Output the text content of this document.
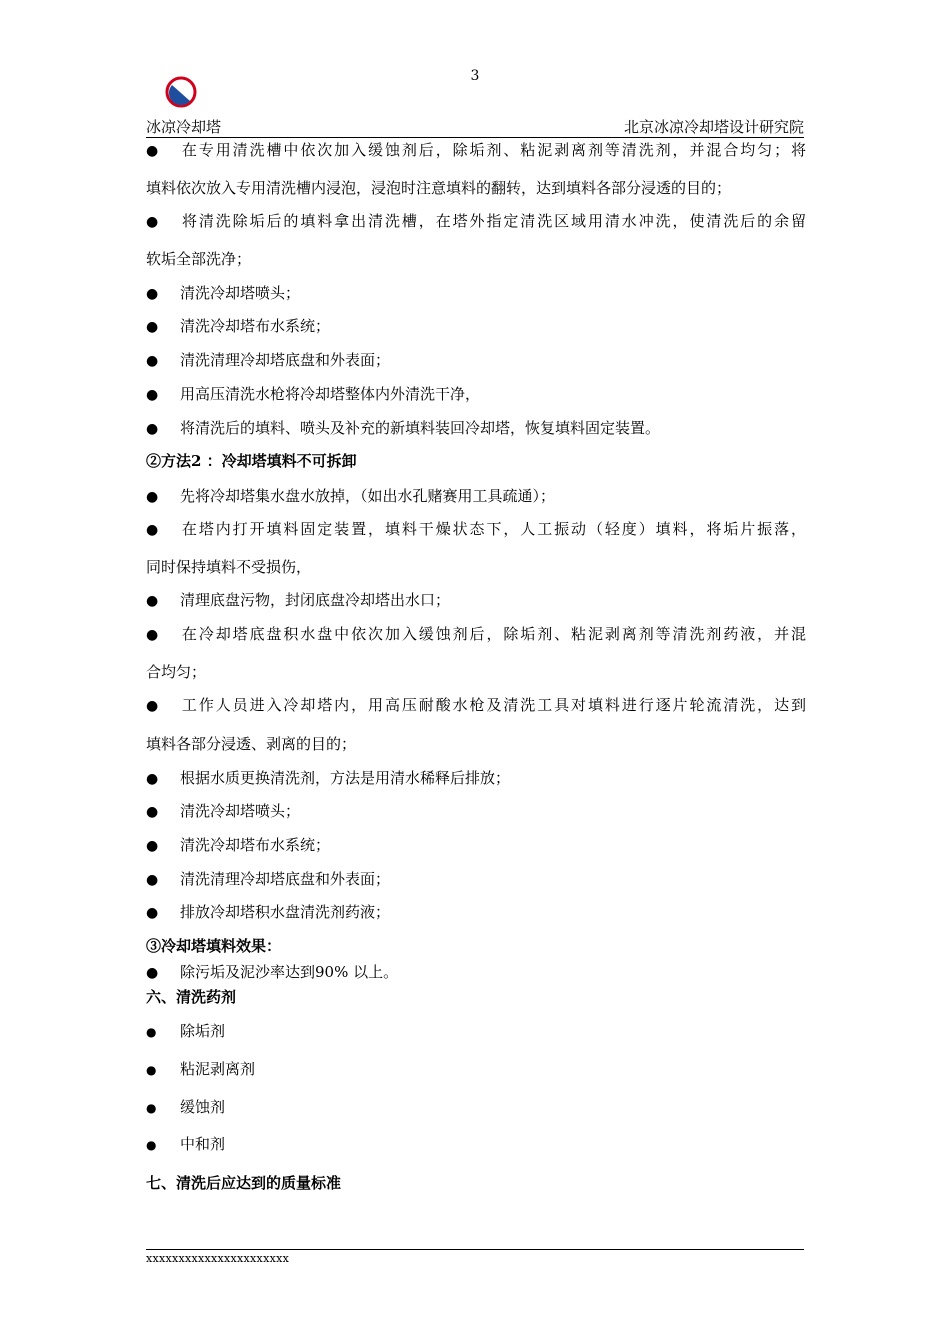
3
冰凉冷却塔	北京冰凉冷却塔设计研究院
● 在专用清洗槽中依次加入缓蚀剂后，除垢剂、粘泥剥离剂等清洗剂，并混合均匀；将
填料依次放入专用清洗槽内浸泡，浸泡时注意填料的翻转，达到填料各部分浸透的目的；
● 将清洗除垢后的填料拿出清洗槽，在塔外指定清洗区域用清水冲洗，使清洗后的余留
软垢全部洗净；
● 清洗冷却塔喷头；
● 清洗冷却塔布水系统；
● 清洗清理冷却塔底盘和外表面；
● 用高压清洗水枪将冷却塔整体内外清洗干净，
● 将清洗后的填料、喷头及补充的新填料装回冷却塔，恢复填料固定装置。
②方法2 ：冷却塔填料不可拆卸
● 先将冷却塔集水盘水放掉，（如出水孔赌赛用工具疏通）；
● 在塔内打开填料固定装置，填料干燥状态下，人工振动（轻度）填料，将垢片振落，
同时保持填料不受损伤，
● 清理底盘污物，封闭底盘冷却塔出水口；
● 在冷却塔底盘积水盘中依次加入缓蚀剂后，除垢剂、粘泥剥离剂等清洗剂药液，并混
合均匀；
● 工作人员进入冷却塔内，用高压耐酸水枪及清洗工具对填料进行逐片轮流清洗，达到
填料各部分浸透、剥离的目的；
● 根据水质更换清洗剂，方法是用清水稀释后排放；
● 清洗冷却塔喷头；
● 清洗冷却塔布水系统；
● 清洗清理冷却塔底盘和外表面；
● 排放冷却塔积水盘清洗剂药液；
③冷却塔填料效果：
● 除污垢及泥沙率达到90% 以上。
六、清洗药剂
● 除垢剂
● 粘泥剥离剂
● 缓蚀剂
● 中和剂
七、清洗后应达到的质量标准
xxxxxxxxxxxxxxxxxxxxxx
